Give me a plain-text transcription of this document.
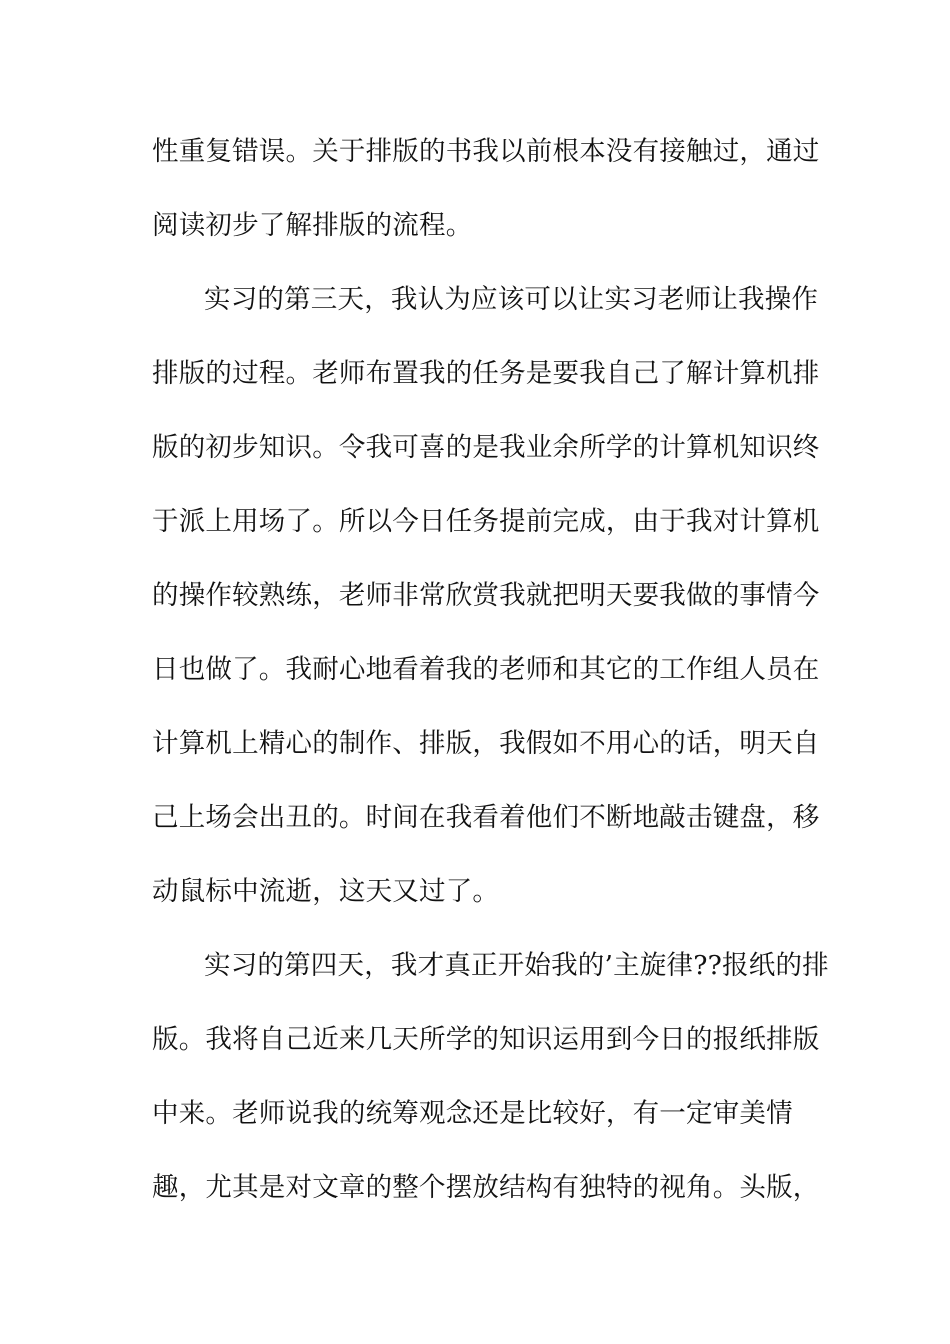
性重复错误。关于排版的书我以前根本没有接触过，通过
阅读初步了解排版的流程。
实习的第三天，我认为应该可以让实习老师让我操作
排版的过程。老师布置我的任务是要我自己了解计算机排
版的初步知识。令我可喜的是我业余所学的计算机知识终
于派上用场了。所以今日任务提前完成，由于我对计算机
的操作较熟练，老师非常欣赏我就把明天要我做的事情今
日也做了。我耐心地看着我的老师和其它的工作组人员在
计算机上精心的制作、排版，我假如不用心的话，明天自
己上场会出丑的。时间在我看着他们不断地敲击键盘，移
动鼠标中流逝，这天又过了。
实习的第四天，我才真正开始我的’主旋律??报纸的排
版。我将自己近来几天所学的知识运用到今日的报纸排版
中来。老师说我的统筹观念还是比较好，有一定审美情
趣，尤其是对文章的整个摆放结构有独特的视角。头版，
